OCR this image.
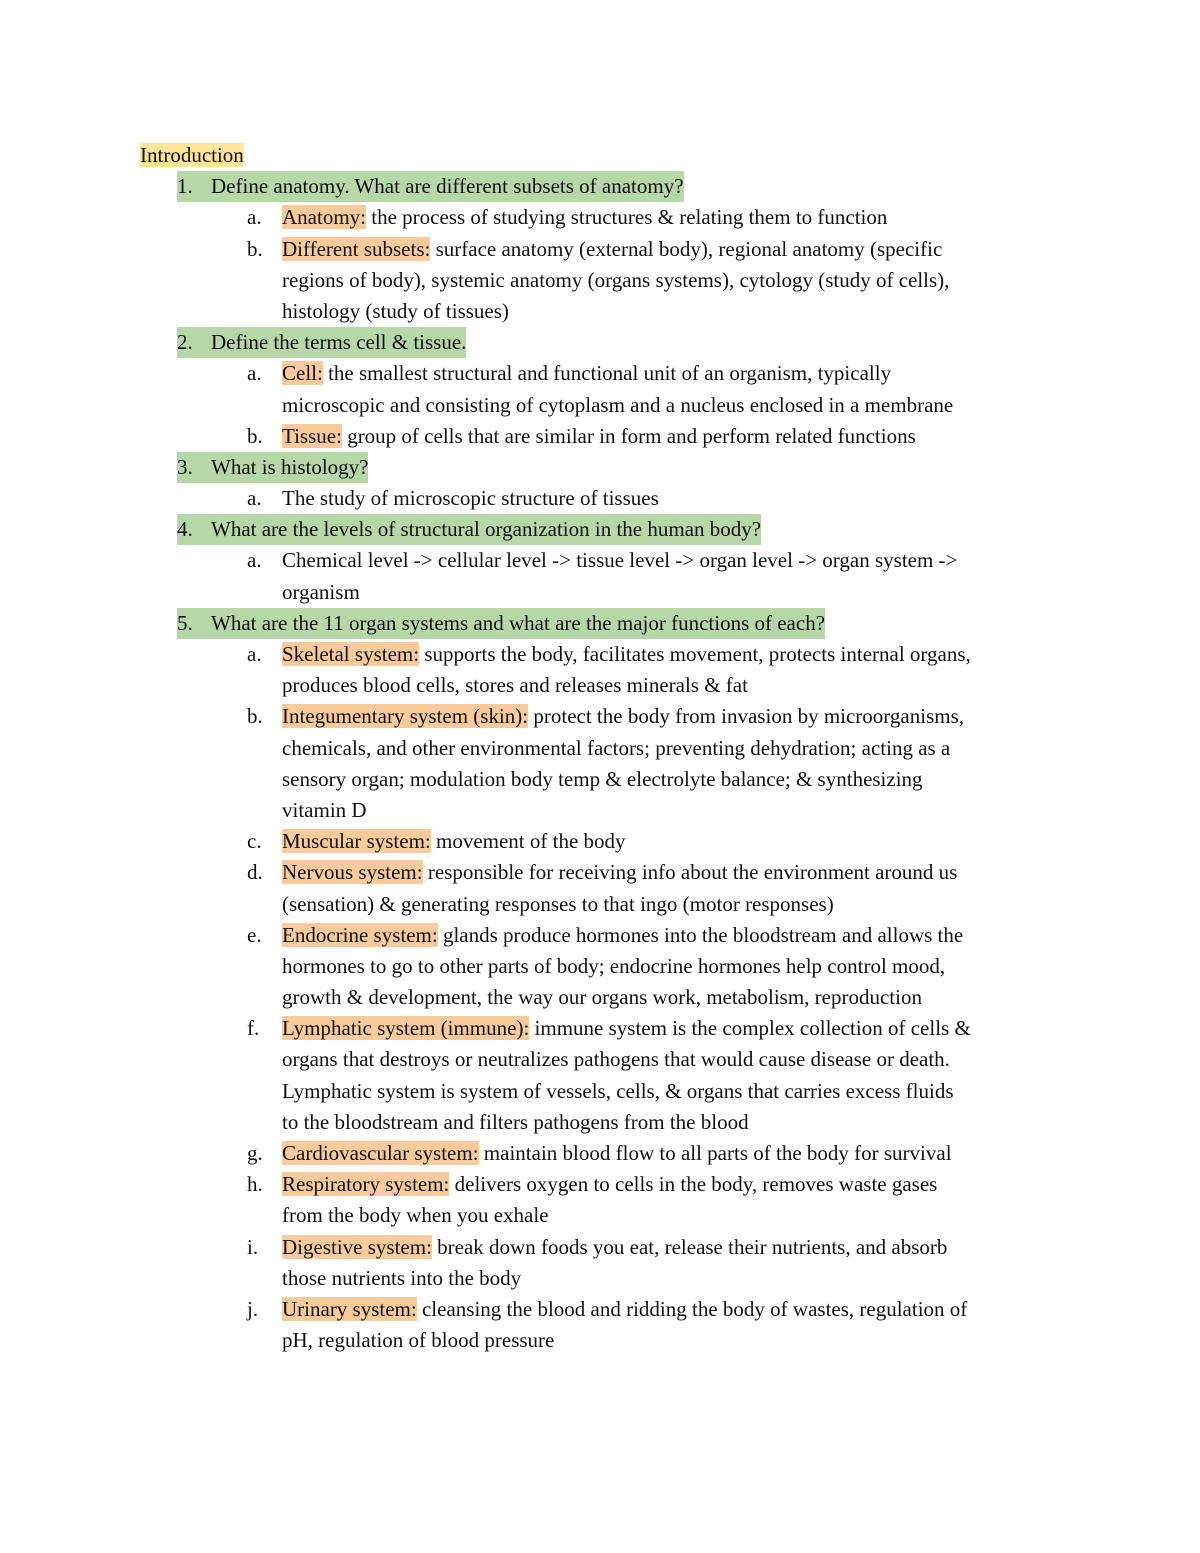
Introduction
1. Define anatomy. What are different subsets of anatomy?
a. Anatomy: the process of studying structures & relating them to function
b. Different subsets: surface anatomy (external body), regional anatomy (specific
regions of body), systemic anatomy (organs systems), cytology (study of cells),
histology (study of tissues)
2. Define the terms cell & tissue.
a. Cell: the smallest structural and functional unit of an organism, typically
microscopic and consisting of cytoplasm and a nucleus enclosed in a membrane
b. Tissue: group of cells that are similar in form and perform related functions
3. What is histology?
a. The study of microscopic structure of tissues
4. What are the levels of structural organization in the human body?
a. Chemical level -> cellular level -> tissue level -> organ level -> organ system ->
organism
5. What are the 11 organ systems and what are the major functions of each?
a. Skeletal system: supports the body, facilitates movement, protects internal organs,
produces blood cells, stores and releases minerals & fat
b. Integumentary system (skin): protect the body from invasion by microorganisms,
chemicals, and other environmental factors; preventing dehydration; acting as a
sensory organ; modulation body temp & electrolyte balance; & synthesizing
vitamin D
c. Muscular system: movement of the body
d. Nervous system: responsible for receiving info about the environment around us
(sensation) & generating responses to that ingo (motor responses)
e. Endocrine system: glands produce hormones into the bloodstream and allows the
hormones to go to other parts of body; endocrine hormones help control mood,
growth & development, the way our organs work, metabolism, reproduction
f.	Lymphatic system (immune): immune system is the complex collection of cells &
organs that destroys or neutralizes pathogens that would cause disease or death.
Lymphatic system is system of vessels, cells, & organs that carries excess fluids
to the bloodstream and filters pathogens from the blood
g. Cardiovascular system: maintain blood flow to all parts of the body for survival
h. Respiratory system: delivers oxygen to cells in the body, removes waste gases
from the body when you exhale
i.	Digestive system: break down foods you eat, release their nutrients, and absorb
those nutrients into the body
j.	Urinary system: cleansing the blood and ridding the body of wastes, regulation of
pH, regulation of blood pressure
